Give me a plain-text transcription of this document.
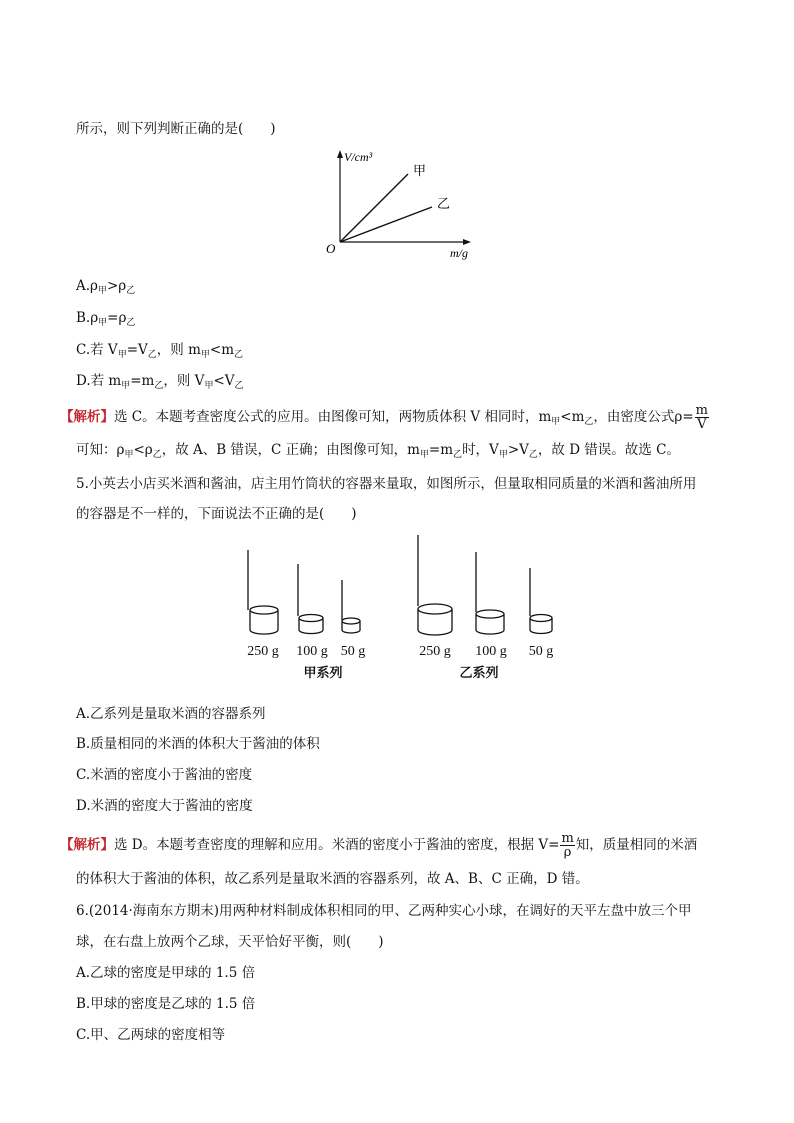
所示，则下列判断正确的是(　　)
V/cm³
甲
乙
O	m/g
$A.\rho_甲>\rho_乙$
$B.\rho_甲=\rho_乙$
C.若 $V_甲=V_乙$，则 $m_甲<m_乙$
D.若 $m_甲=m_乙$，则 $V_甲<V_乙$
【解析】选 C。本题考查密度公式的应用。由图像可知，两物质体积 V 相同时，$m_甲<m_乙$，由密度公式$\rho= \frac{m}{V}$
可知：$\rho_甲<\rho_乙$，故 A、B 错误，C 正确；由图像可知，$m_甲=m_乙$时，$V_甲>V_乙$，故 D 错误。故选 C。
5.小英去小店买米酒和酱油，店主用竹筒状的容器来量取，如图所示，但量取相同质量的米酒和酱油所用
的容器是不一样的，下面说法不正确的是(　　)
250 g 100 g 50 g	250 g 100 g 50 g
甲系列	乙系列
A.乙系列是量取米酒的容器系列
B.质量相同的米酒的体积大于酱油的体积
C.米酒的密度小于酱油的密度
D.米酒的密度大于酱油的密度
【解析】选 D。本题考查密度的理解和应用。米酒的密度小于酱油的密度，根据 $V= \frac{m}{\rho}$ 知，质量相同的米酒
的体积大于酱油的体积，故乙系列是量取米酒的容器系列，故 A、B、C 正确，D 错。
6.(2014·海南东方期末)用两种材料制成体积相同的甲、乙两种实心小球，在调好的天平左盘中放三个甲
球，在右盘上放两个乙球，天平恰好平衡，则(　　)
A.乙球的密度是甲球的 1.5 倍
B.甲球的密度是乙球的 1.5 倍
C.甲、乙两球的密度相等
